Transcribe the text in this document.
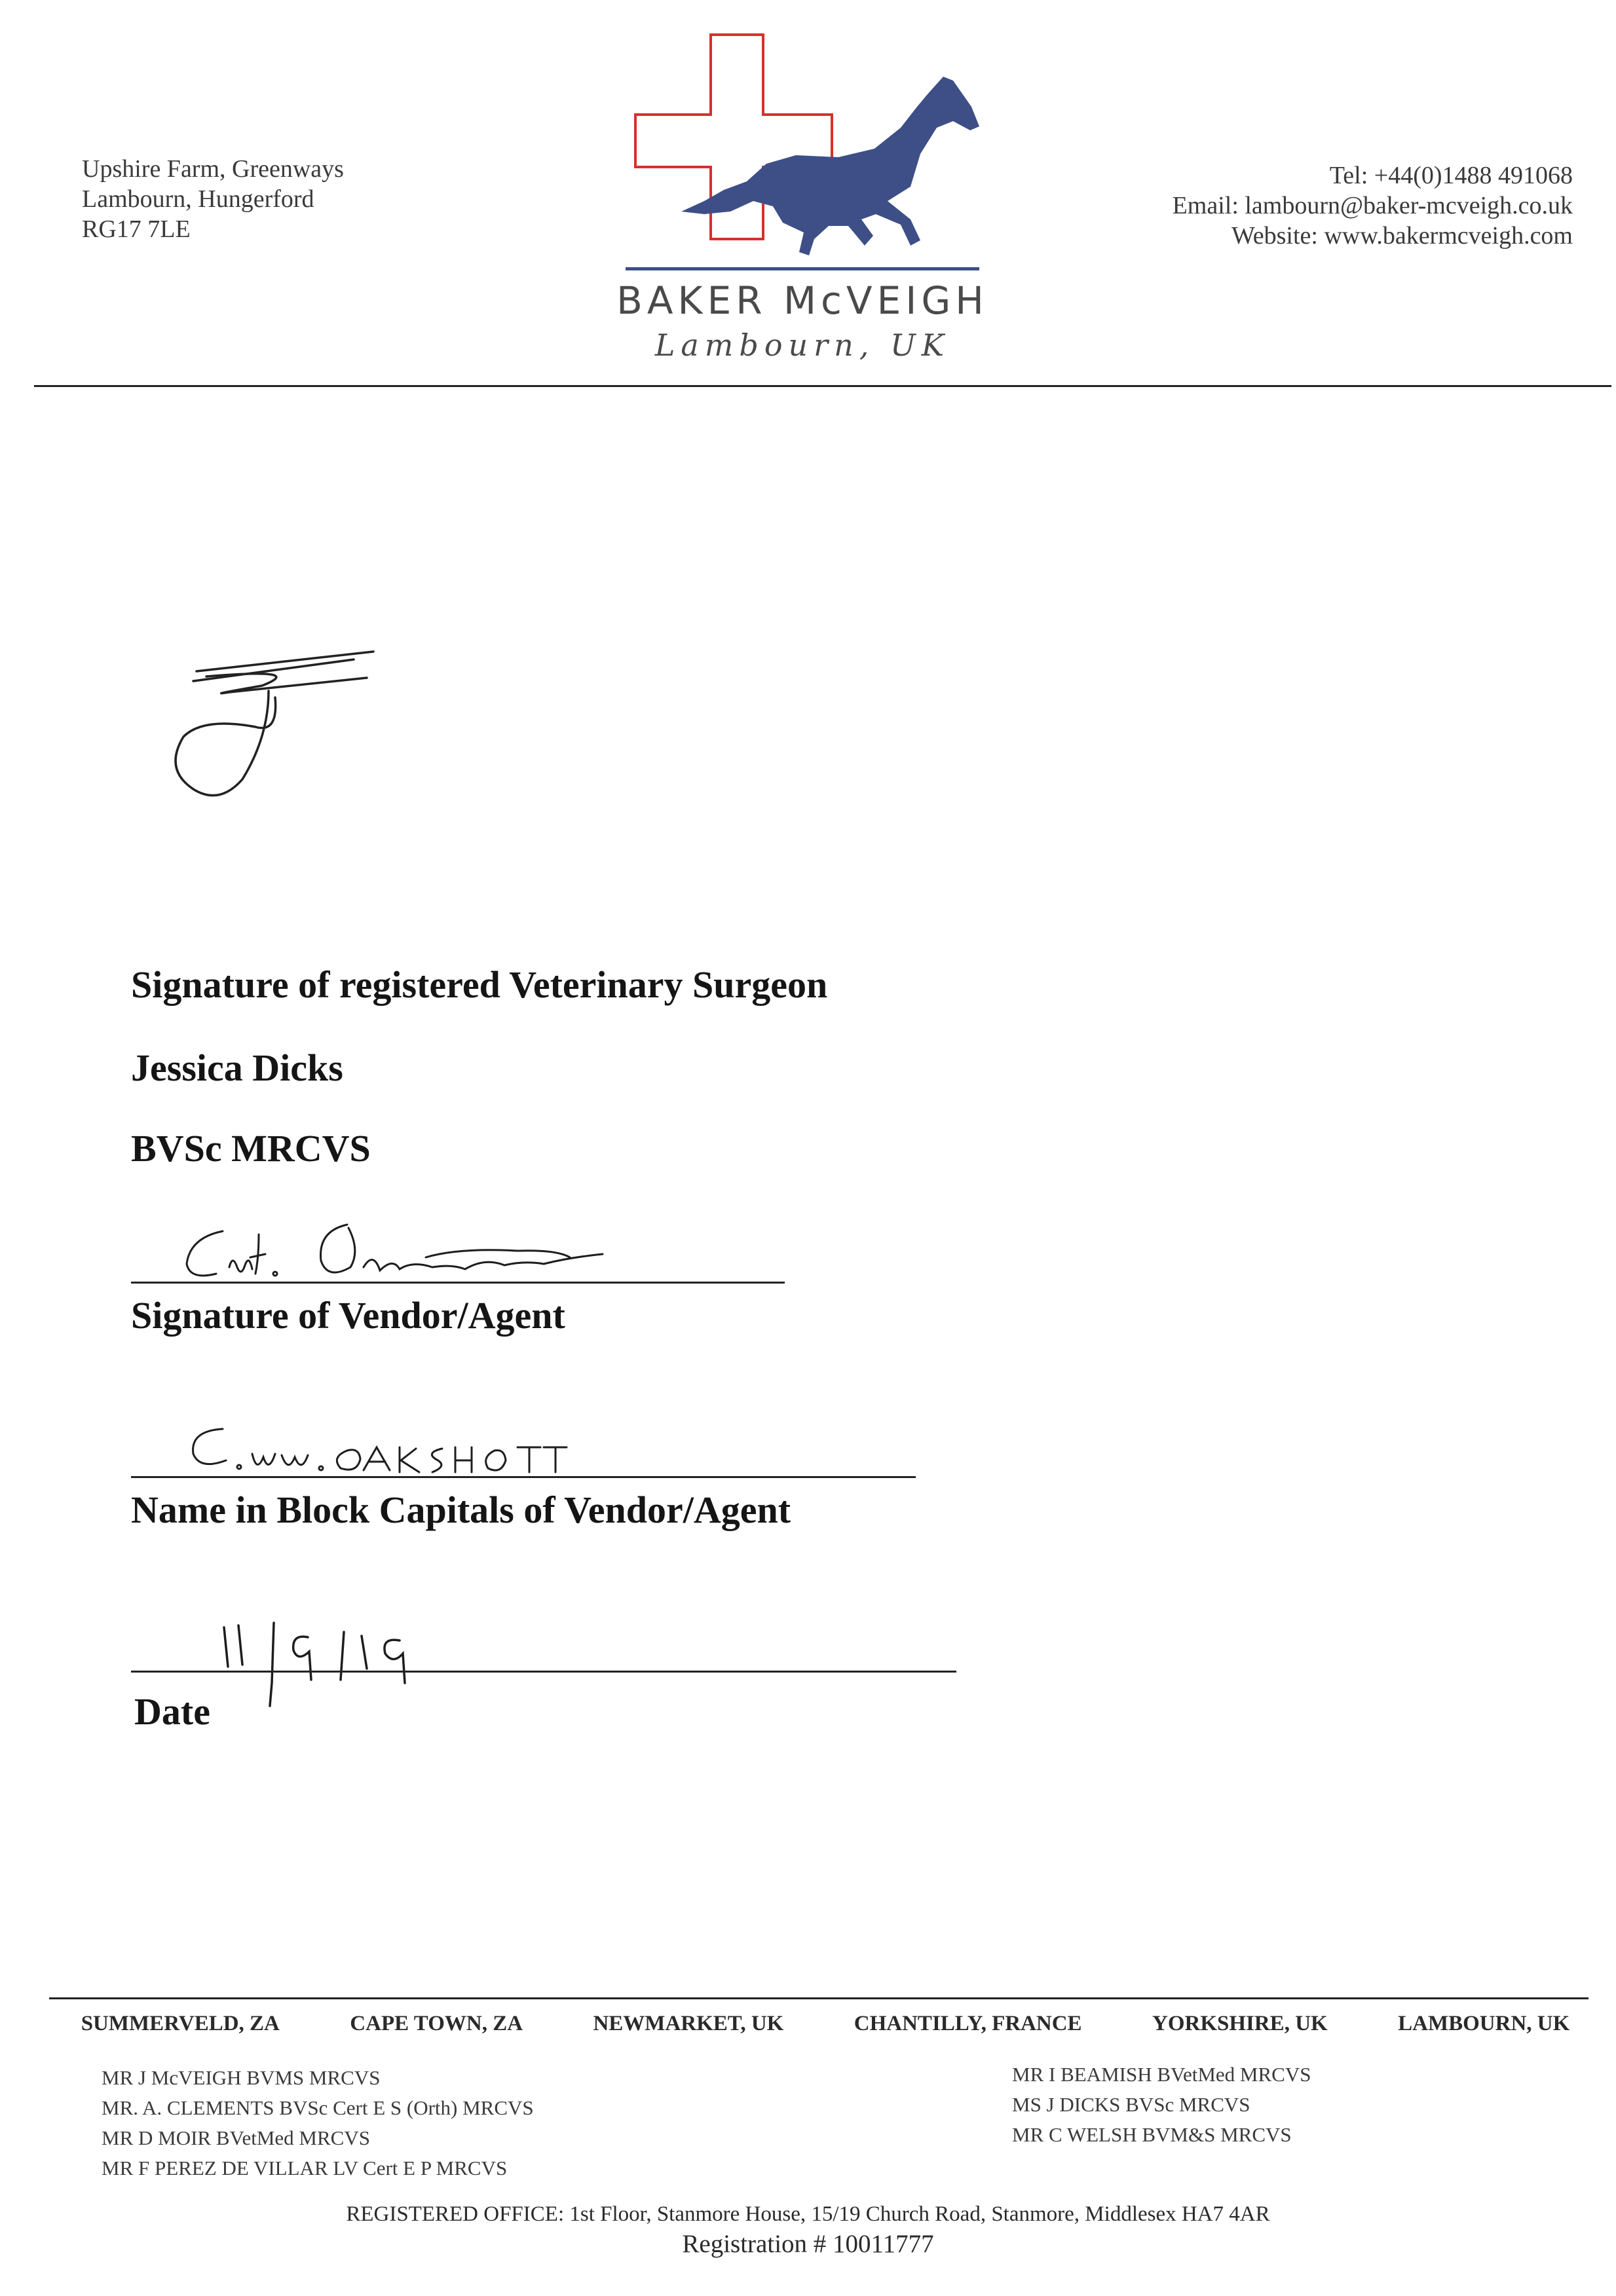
Upshire Farm, Greenways
Lambourn, Hungerford
RG17 7LE
BAKER McVEIGH
Lambourn, UK
Tel: +44(0)1488 491068
Email: lambourn@baker-mcveigh.co.uk
Website: www.bakermcveigh.com
Signature of registered Veterinary Surgeon
Jessica Dicks
BVSc MRCVS
Signature of Vendor/Agent
Name in Block Capitals of Vendor/Agent
Date
SUMMERVELD, ZA	CAPE TOWN, ZA	NEWMARKET, UK	CHANTILLY, FRANCE	YORKSHIRE, UK	LAMBOURN, UK
MR J McVEIGH BVMS MRCVS
MR. A. CLEMENTS BVSc Cert E S (Orth) MRCVS
MR D MOIR BVetMed MRCVS
MR F PEREZ DE VILLAR LV Cert E P MRCVS
MR I BEAMISH BVetMed MRCVS
MS J DICKS BVSc MRCVS
MR C WELSH BVM&S MRCVS
REGISTERED OFFICE: 1st Floor, Stanmore House, 15/19 Church Road, Stanmore, Middlesex HA7 4AR
Registration # 10011777
